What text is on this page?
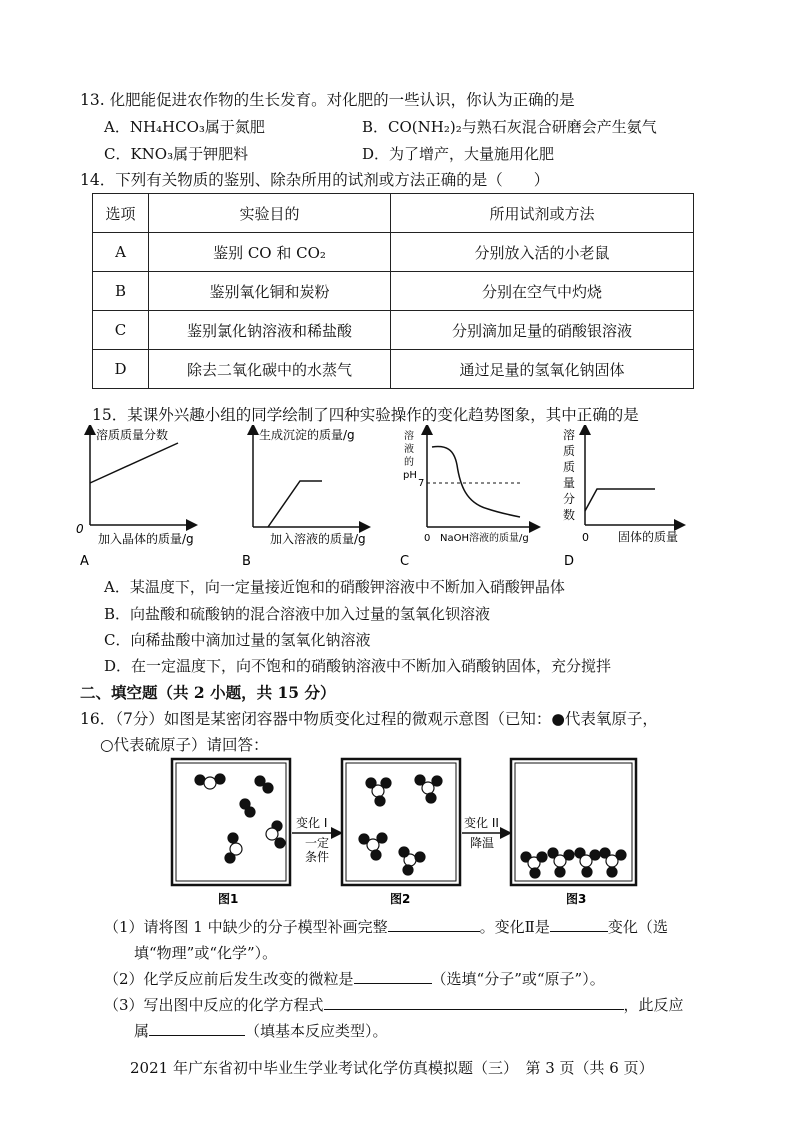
13. 化肥能促进农作物的生长发育。对化肥的一些认识，你认为正确的是
A．NH₄HCO₃属于氮肥	B．CO(NH₂)₂与熟石灰混合研磨会产生氨气
C．KNO₃属于钾肥料	D．为了增产，大量施用化肥
14．下列有关物质的鉴别、除杂所用的试剂或方法正确的是（　　）
选项	实验目的	所用试剂或方法
A	鉴别 CO 和 CO₂	分别放入活的小老鼠
B	鉴别氧化铜和炭粉	分别在空气中灼烧
C	鉴别氯化钠溶液和稀盐酸	分别滴加足量的硝酸银溶液
D	除去二氧化碳中的水蒸气	通过足量的氢氧化钠固体
15．某课外兴趣小组的同学绘制了四种实验操作的变化趋势图象，其中正确的是
溶质质量分数
0
加入晶体的质量/g
A
生成沉淀的质量/g
加入溶液的质量/g
B
溶
液
的
pH
7
0 NaOH溶液的质量/g
C
溶
质
质
量
分
数
0 固体的质量
D
A．某温度下，向一定量接近饱和的硝酸钾溶液中不断加入硝酸钾晶体
B．向盐酸和硫酸钠的混合溶液中加入过量的氢氧化钡溶液
C．向稀盐酸中滴加过量的氢氧化钠溶液
D．在一定温度下，向不饱和的硝酸钠溶液中不断加入硝酸钠固体，充分搅拌
二、填空题（共 2 小题，共 15 分）
16．（7分）如图是某密闭容器中物质变化过程的微观示意图（已知：●代表氧原子，
○代表硫原子）请回答：
变化 I
一定
条件
变化 II
降温
图1	图2	图3
（1）请将图 1 中缺少的分子模型补画完整	。变化Ⅱ是	变化（选
填“物理”或“化学”）。
（2）化学反应前后发生改变的微粒是	（选填“分子”或“原子”）。
（3）写出图中反应的化学方程式	，此反应
属	（填基本反应类型）。
2021 年广东省初中毕业生学业考试化学仿真模拟题（三）　第 3 页（共 6 页）
